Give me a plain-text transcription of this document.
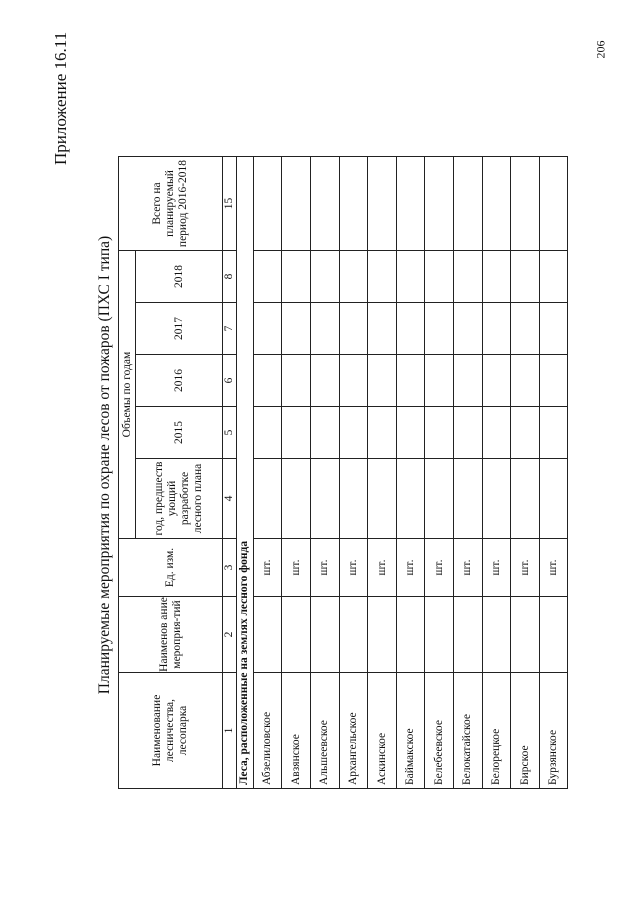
206
Приложение 16.11
Планируемые мероприятия по охране лесов от пожаров (ПХС I типа)
Наименование лесничества, лесопарка	Наименов ание мероприя-тий	Ед. изм.	Объемы по годам					Всего на планируемый период 2016-2018
			год, предшеств ующий разработке лесного плана	2015	2016	2017	2018	
1	2	3	4	5	6	7	8	15
Леса, расположенные на землях лесного фонда								
Абзелиловское		шт.						
Авзянское		шт.						
Альшеевское		шт.						
Архангельское		шт.						
Аскинское		шт.						
Баймакское		шт.						
Белебеевское		шт.						
Белокатайское		шт.						
Белорецкое		шт.						
Бирское		шт.						
Бурзянское		шт.						
